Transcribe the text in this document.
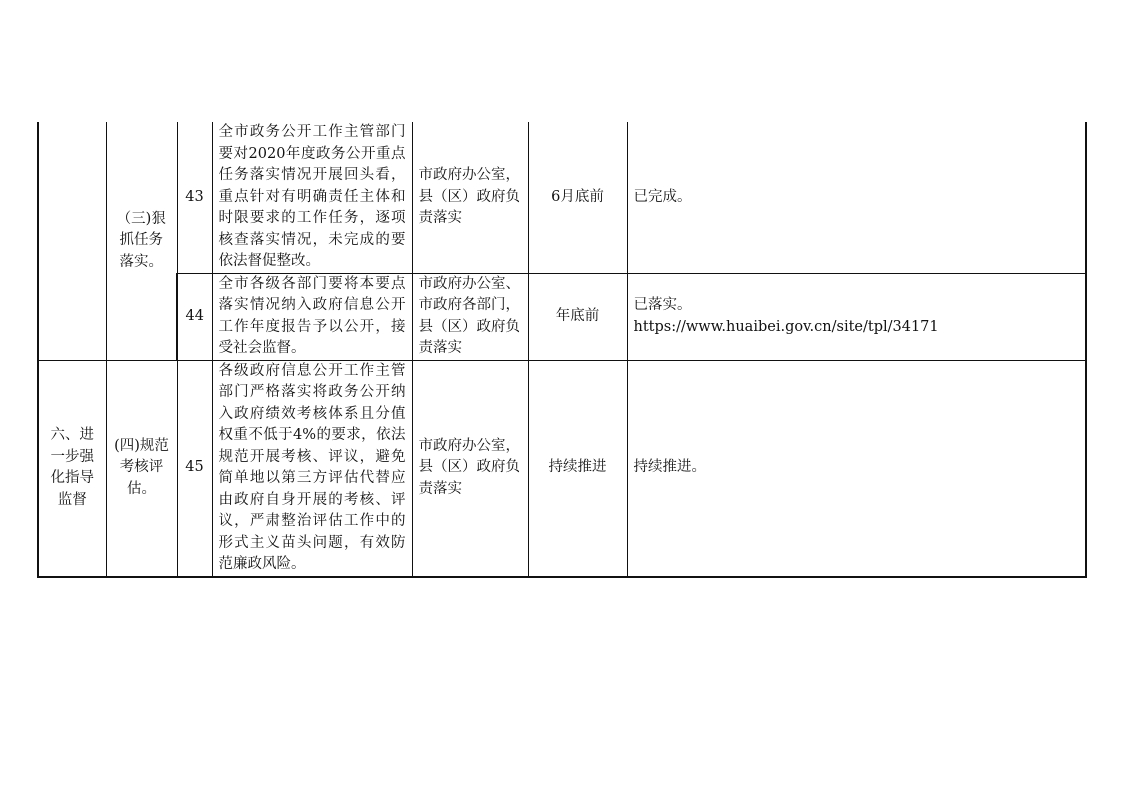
	（三)狠抓任务落实。	43	全市政务公开工作主管部门要对2020年度政务公开重点任务落实情况开展回头看，重点针对有明确责任主体和时限要求的工作任务，逐项核查落实情况，未完成的要依法督促整改。	市政府办公室，县（区）政府负责落实	6月底前	已完成。

		44	全市各级各部门要将本要点落实情况纳入政府信息公开工作年度报告予以公开，接受社会监督。	市政府办公室、市政府各部门，县（区）政府负责落实	年底前	已落实。
https://www.huaibei.gov.cn/site/tpl/34171

六、进一步强化指导监督	(四)规范考核评估。	45	各级政府信息公开工作主管部门严格落实将政务公开纳入政府绩效考核体系且分值权重不低于4%的要求，依法规范开展考核、评议，避免简单地以第三方评估代替应由政府自身开展的考核、评议，严肃整治评估工作中的形式主义苗头问题，有效防范廉政风险。	市政府办公室，县（区）政府负责落实	持续推进	持续推进。
